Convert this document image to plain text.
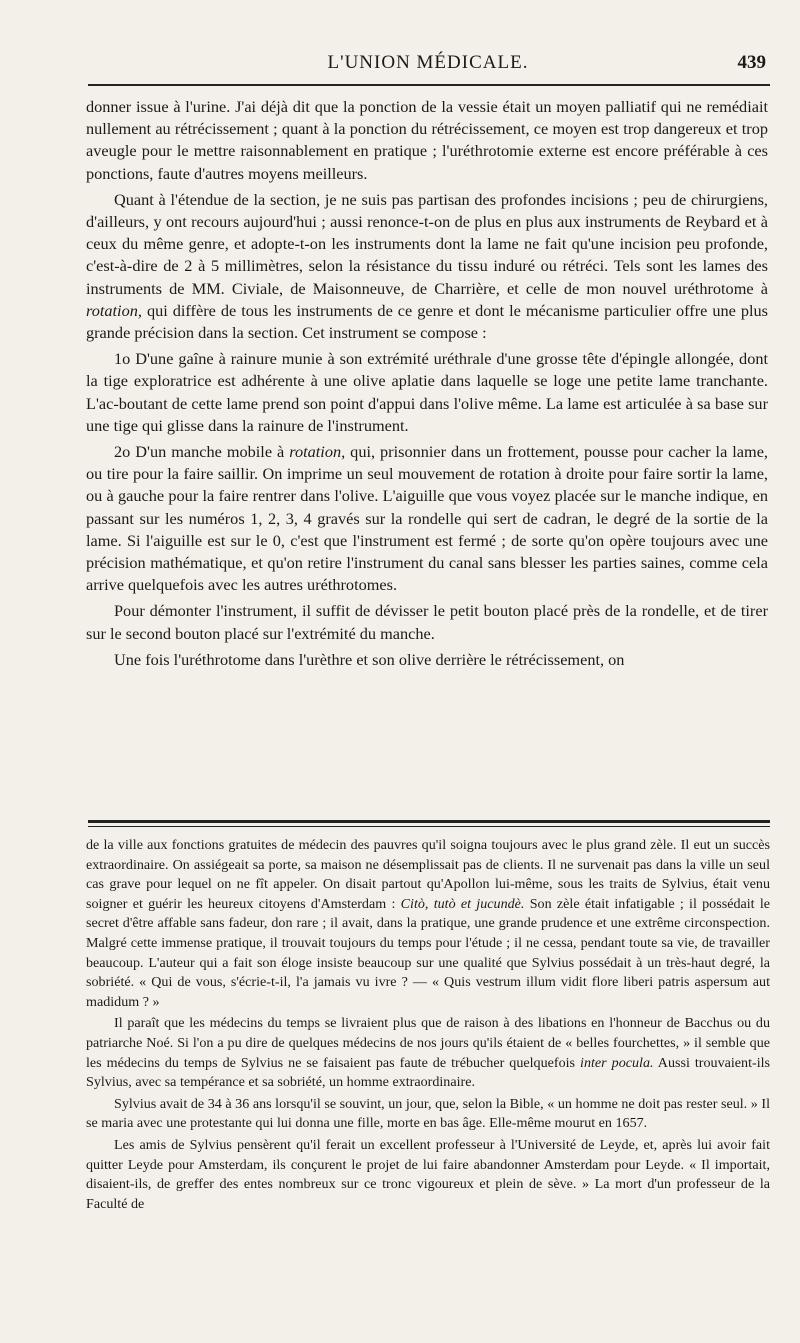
L'UNION MÉDICALE.	439

donner issue à l'urine. J'ai déjà dit que la ponction de la vessie était un moyen palliatif qui ne remédiait nullement au rétrécissement ; quant à la ponction du rétrécissement, ce moyen est trop dangereux et trop aveugle pour le mettre raisonnablement en pratique ; l'uréthrotomie externe est encore préférable à ces ponctions, faute d'autres moyens meilleurs.

Quant à l'étendue de la section, je ne suis pas partisan des profondes incisions ; peu de chirurgiens, d'ailleurs, y ont recours aujourd'hui ; aussi renonce-t-on de plus en plus aux instruments de Reybard et à ceux du même genre, et adopte-t-on les instruments dont la lame ne fait qu'une incision peu profonde, c'est-à-dire de 2 à 5 millimètres, selon la résistance du tissu induré ou rétréci. Tels sont les lames des instruments de MM. Civiale, de Maisonneuve, de Charrière, et celle de mon nouvel uréthrotome à rotation, qui diffère de tous les instruments de ce genre et dont le mécanisme particulier offre une plus grande précision dans la section. Cet instrument se compose :

1o D'une gaîne à rainure munie à son extrémité uréthrale d'une grosse tête d'épingle allongée, dont la tige exploratrice est adhérente à une olive aplatie dans laquelle se loge une petite lame tranchante. L'ac-boutant de cette lame prend son point d'appui dans l'olive même. La lame est articulée à sa base sur une tige qui glisse dans la rainure de l'instrument.

2o D'un manche mobile à rotation, qui, prisonnier dans un frottement, pousse pour cacher la lame, ou tire pour la faire saillir. On imprime un seul mouvement de rotation à droite pour faire sortir la lame, ou à gauche pour la faire rentrer dans l'olive. L'aiguille que vous voyez placée sur le manche indique, en passant sur les numéros 1, 2, 3, 4 gravés sur la rondelle qui sert de cadran, le degré de la sortie de la lame. Si l'aiguille est sur le 0, c'est que l'instrument est fermé ; de sorte qu'on opère toujours avec une précision mathématique, et qu'on retire l'instrument du canal sans blesser les parties saines, comme cela arrive quelquefois avec les autres uréthrotomes.

Pour démonter l'instrument, il suffit de dévisser le petit bouton placé près de la rondelle, et de tirer sur le second bouton placé sur l'extrémité du manche.

Une fois l'uréthrotome dans l'urèthre et son olive derrière le rétrécissement, on

de la ville aux fonctions gratuites de médecin des pauvres qu'il soigna toujours avec le plus grand zèle. Il eut un succès extraordinaire. On assiégeait sa porte, sa maison ne désemplissait pas de clients. Il ne survenait pas dans la ville un seul cas grave pour lequel on ne fît appeler. On disait partout qu'Apollon lui-même, sous les traits de Sylvius, était venu soigner et guérir les heureux citoyens d'Amsterdam : Citò, tutò et jucundè. Son zèle était infatigable ; il possédait le secret d'être affable sans fadeur, don rare ; il avait, dans la pratique, une grande prudence et une extrême circonspection. Malgré cette immense pratique, il trouvait toujours du temps pour l'étude ; il ne cessa, pendant toute sa vie, de travailler beaucoup. L'auteur qui a fait son éloge insiste beaucoup sur une qualité que Sylvius possédait à un très-haut degré, la sobriété. « Qui de vous, s'écrie-t-il, l'a jamais vu ivre ? — « Quis vestrum illum vidit flore liberi patris aspersum aut madidum ? »

Il paraît que les médecins du temps se livraient plus que de raison à des libations en l'honneur de Bacchus ou du patriarche Noé. Si l'on a pu dire de quelques médecins de nos jours qu'ils étaient de « belles fourchettes, » il semble que les médecins du temps de Sylvius ne se faisaient pas faute de trébucher quelquefois inter pocula. Aussi trouvaient-ils Sylvius, avec sa tempérance et sa sobriété, un homme extraordinaire.

Sylvius avait de 34 à 36 ans lorsqu'il se souvint, un jour, que, selon la Bible, « un homme ne doit pas rester seul. » Il se maria avec une protestante qui lui donna une fille, morte en bas âge. Elle-même mourut en 1657.

Les amis de Sylvius pensèrent qu'il ferait un excellent professeur à l'Université de Leyde, et, après lui avoir fait quitter Leyde pour Amsterdam, ils conçurent le projet de lui faire abandonner Amsterdam pour Leyde. « Il importait, disaient-ils, de greffer des entes nombreux sur ce tronc vigoureux et plein de sève. » La mort d'un professeur de la Faculté de
